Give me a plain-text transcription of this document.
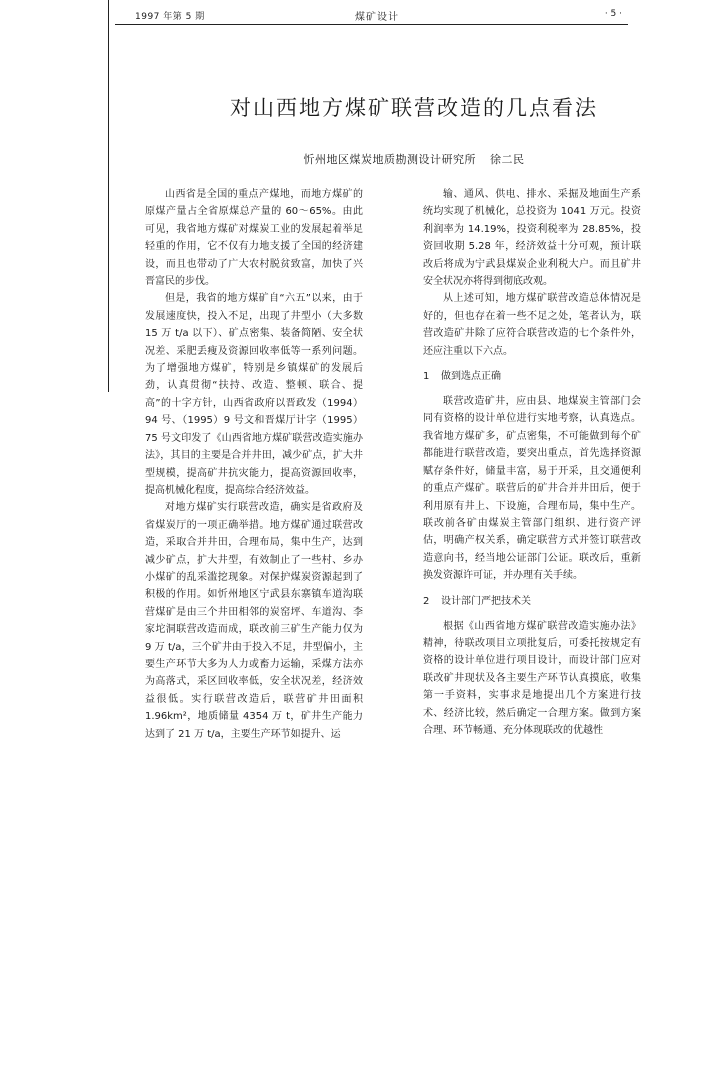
1997 年第 5 期	煤矿设计	· 5 ·
对山西地方煤矿联营改造的几点看法
忻州地区煤炭地质勘测设计研究所 徐二民

山西省是全国的重点产煤地，而地方煤矿的原煤产量占全省原煤总产量的 60～65%。由此可见，我省地方煤矿对煤炭工业的发展起着举足轻重的作用，它不仅有力地支援了全国的经济建设，而且也带动了广大农村脱贫致富，加快了兴晋富民的步伐。

但是，我省的地方煤矿自“六五”以来，由于发展速度快，投入不足，出现了井型小（大多数 15 万 t/a 以下）、矿点密集、装备简陋、安全状况差、采肥丢瘦及资源回收率低等一系列问题。为了增强地方煤矿，特别是乡镇煤矿的发展后劲，认真贯彻“扶持、改造、整顿、联合、提高”的十字方针，山西省政府以晋政发（1994）94 号、（1995）9 号文和晋煤厅计字（1995）75 号文印发了《山西省地方煤矿联营改造实施办法》，其目的主要是合并井田，减少矿点，扩大井型规模，提高矿井抗灾能力，提高资源回收率，提高机械化程度，提高综合经济效益。

对地方煤矿实行联营改造，确实是省政府及省煤炭厅的一项正确举措。地方煤矿通过联营改造，采取合并井田，合理布局，集中生产，达到减少矿点，扩大井型，有效制止了一些村、乡办小煤矿的乱采滥挖现象。对保护煤炭资源起到了积极的作用。如忻州地区宁武县东寨镇车道沟联营煤矿是由三个井田相邻的炭窑坪、车道沟、李家坨洞联营改造而成，联改前三矿生产能力仅为 9 万 t/a，三个矿井由于投入不足，井型偏小，主要生产环节大多为人力或畜力运输，采煤方法亦为高落式，采区回收率低，安全状况差，经济效益很低。实行联营改造后，联营矿井田面积 1.96km²，地质储量 4354 万 t，矿井生产能力达到了 21 万 t/a，主要生产环节如提升、运

输、通风、供电、排水、采掘及地面生产系统均实现了机械化，总投资为 1041 万元。投资利润率为 14.19%，投资利税率为 28.85%，投资回收期 5.28 年，经济效益十分可观，预计联改后将成为宁武县煤炭企业利税大户。而且矿井安全状况亦将得到彻底改观。

从上述可知，地方煤矿联营改造总体情况是好的，但也存在着一些不足之处，笔者认为，联营改造矿井除了应符合联营改造的七个条件外，还应注重以下六点。

1 做到选点正确

联营改造矿井，应由县、地煤炭主管部门会同有资格的设计单位进行实地考察，认真选点。我省地方煤矿多，矿点密集，不可能做到每个矿都能进行联营改造，要突出重点，首先选择资源赋存条件好，储量丰富，易于开采，且交通便利的重点产煤矿。联营后的矿井合并井田后，便于利用原有井上、下设施，合理布局，集中生产。联改前各矿由煤炭主管部门组织、进行资产评估，明确产权关系，确定联营方式并签订联营改造意向书，经当地公证部门公证。联改后，重新换发资源许可证，并办理有关手续。

2 设计部门严把技术关

根据《山西省地方煤矿联营改造实施办法》精神，待联改项目立项批复后，可委托按规定有资格的设计单位进行项目设计，而设计部门应对联改矿井现状及各主要生产环节认真摸底，收集第一手资料，实事求是地提出几个方案进行技术、经济比较，然后确定一合理方案。做到方案合理、环节畅通、充分体现联改的优越性
